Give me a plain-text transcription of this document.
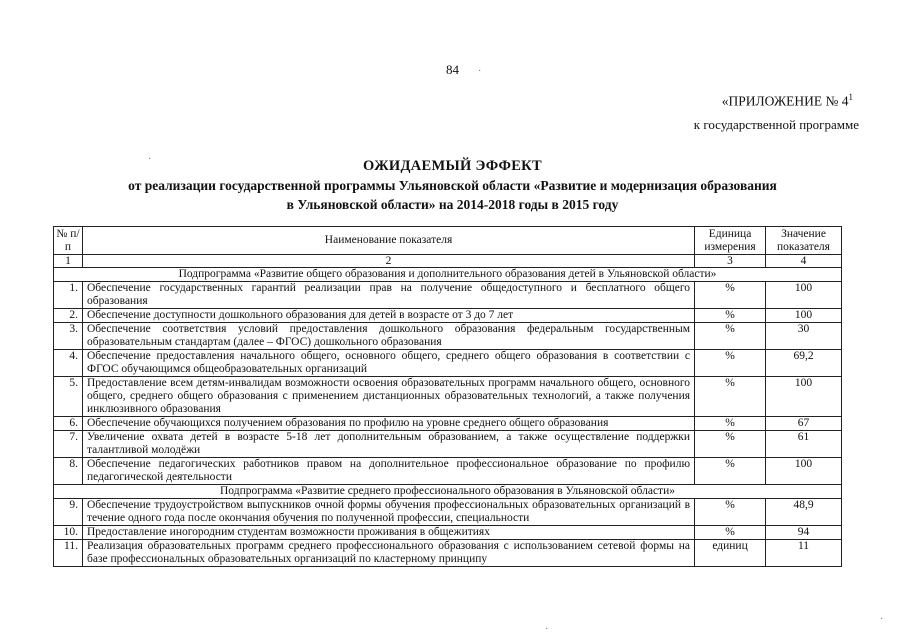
84
«ПРИЛОЖЕНИЕ № $4^1$
к государственной программе
ОЖИДАЕМЫЙ ЭФФЕКТ
от реализации государственной программы Ульяновской области «Развитие и модернизация образования
в Ульяновской области» на 2014-2018 годы в 2015 году
№ п/п	Наименование показателя	Единица измерения	Значение показателя
1	2	3	4
Подпрограмма «Развитие общего образования и дополнительного образования детей в Ульяновской области»			
1.	Обеспечение государственных гарантий реализации прав на получение общедоступного и бесплатного общего образования	%	100
2.	Обеспечение доступности дошкольного образования для детей в возрасте от 3 до 7 лет	%	100
3.	Обеспечение соответствия условий предоставления дошкольного образования федеральным государственным образовательным стандартам (далее – ФГОС) дошкольного образования	%	30
4.	Обеспечение предоставления начального общего, основного общего, среднего общего образования в соответствии с ФГОС обучающимся общеобразовательных организаций	%	69,2
5.	Предоставление всем детям-инвалидам возможности освоения образовательных программ начального общего, основного общего, среднего общего образования с применением дистанционных образовательных технологий, а также получения инклюзивного образования	%	100
6.	Обеспечение обучающихся получением образования по профилю на уровне среднего общего образования	%	67
7.	Увеличение охвата детей в возрасте 5-18 лет дополнительным образованием, а также осуществление поддержки талантливой молодёжи	%	61
8.	Обеспечение педагогических работников правом на дополнительное профессиональное образование по профилю педагогической деятельности	%	100
Подпрограмма «Развитие среднего профессионального образования в Ульяновской области»			
9.	Обеспечение трудоустройством выпускников очной формы обучения профессиональных образовательных организаций в течение одного года после окончания обучения по полученной профессии, специальности	%	48,9
10.	Предоставление иногородним студентам возможности проживания в общежитиях	%	94
11.	Реализация образовательных программ среднего профессионального образования с использованием сетевой формы на базе профессиональных образовательных организаций по кластерному принципу	единиц	11
·
·
·
·
